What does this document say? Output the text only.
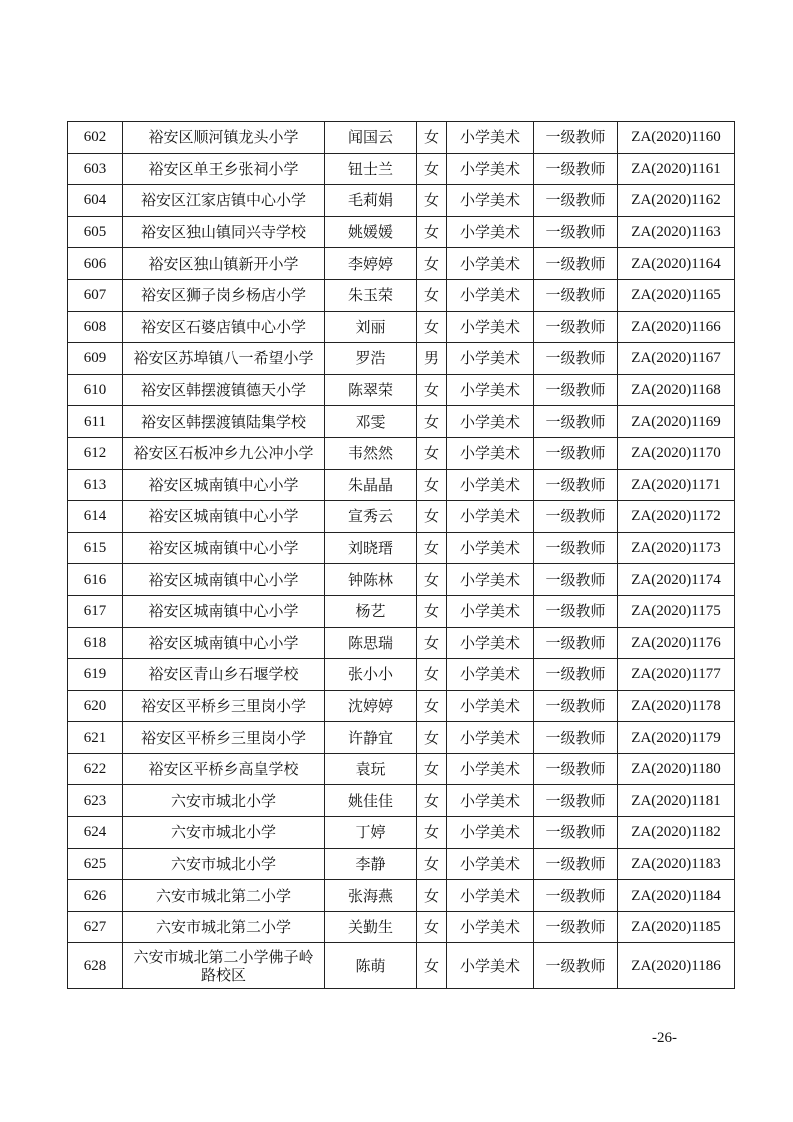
602	裕安区顺河镇龙头小学	闻国云	女	小学美术	一级教师	ZA(2020)1160
603	裕安区单王乡张祠小学	钮士兰	女	小学美术	一级教师	ZA(2020)1161
604	裕安区江家店镇中心小学	毛莉娟	女	小学美术	一级教师	ZA(2020)1162
605	裕安区独山镇同兴寺学校	姚媛媛	女	小学美术	一级教师	ZA(2020)1163
606	裕安区独山镇新开小学	李婷婷	女	小学美术	一级教师	ZA(2020)1164
607	裕安区狮子岗乡杨店小学	朱玉荣	女	小学美术	一级教师	ZA(2020)1165
608	裕安区石婆店镇中心小学	刘丽	女	小学美术	一级教师	ZA(2020)1166
609	裕安区苏埠镇八一希望小学	罗浩	男	小学美术	一级教师	ZA(2020)1167
610	裕安区韩摆渡镇德天小学	陈翠荣	女	小学美术	一级教师	ZA(2020)1168
611	裕安区韩摆渡镇陆集学校	邓雯	女	小学美术	一级教师	ZA(2020)1169
612	裕安区石板冲乡九公冲小学	韦然然	女	小学美术	一级教师	ZA(2020)1170
613	裕安区城南镇中心小学	朱晶晶	女	小学美术	一级教师	ZA(2020)1171
614	裕安区城南镇中心小学	宣秀云	女	小学美术	一级教师	ZA(2020)1172
615	裕安区城南镇中心小学	刘晓瑨	女	小学美术	一级教师	ZA(2020)1173
616	裕安区城南镇中心小学	钟陈林	女	小学美术	一级教师	ZA(2020)1174
617	裕安区城南镇中心小学	杨艺	女	小学美术	一级教师	ZA(2020)1175
618	裕安区城南镇中心小学	陈思瑞	女	小学美术	一级教师	ZA(2020)1176
619	裕安区青山乡石堰学校	张小小	女	小学美术	一级教师	ZA(2020)1177
620	裕安区平桥乡三里岗小学	沈婷婷	女	小学美术	一级教师	ZA(2020)1178
621	裕安区平桥乡三里岗小学	许静宜	女	小学美术	一级教师	ZA(2020)1179
622	裕安区平桥乡高皇学校	袁玩	女	小学美术	一级教师	ZA(2020)1180
623	六安市城北小学	姚佳佳	女	小学美术	一级教师	ZA(2020)1181
624	六安市城北小学	丁婷	女	小学美术	一级教师	ZA(2020)1182
625	六安市城北小学	李静	女	小学美术	一级教师	ZA(2020)1183
626	六安市城北第二小学	张海燕	女	小学美术	一级教师	ZA(2020)1184
627	六安市城北第二小学	关勤生	女	小学美术	一级教师	ZA(2020)1185
628	六安市城北第二小学佛子岭路校区	陈萌	女	小学美术	一级教师	ZA(2020)1186
-26-
